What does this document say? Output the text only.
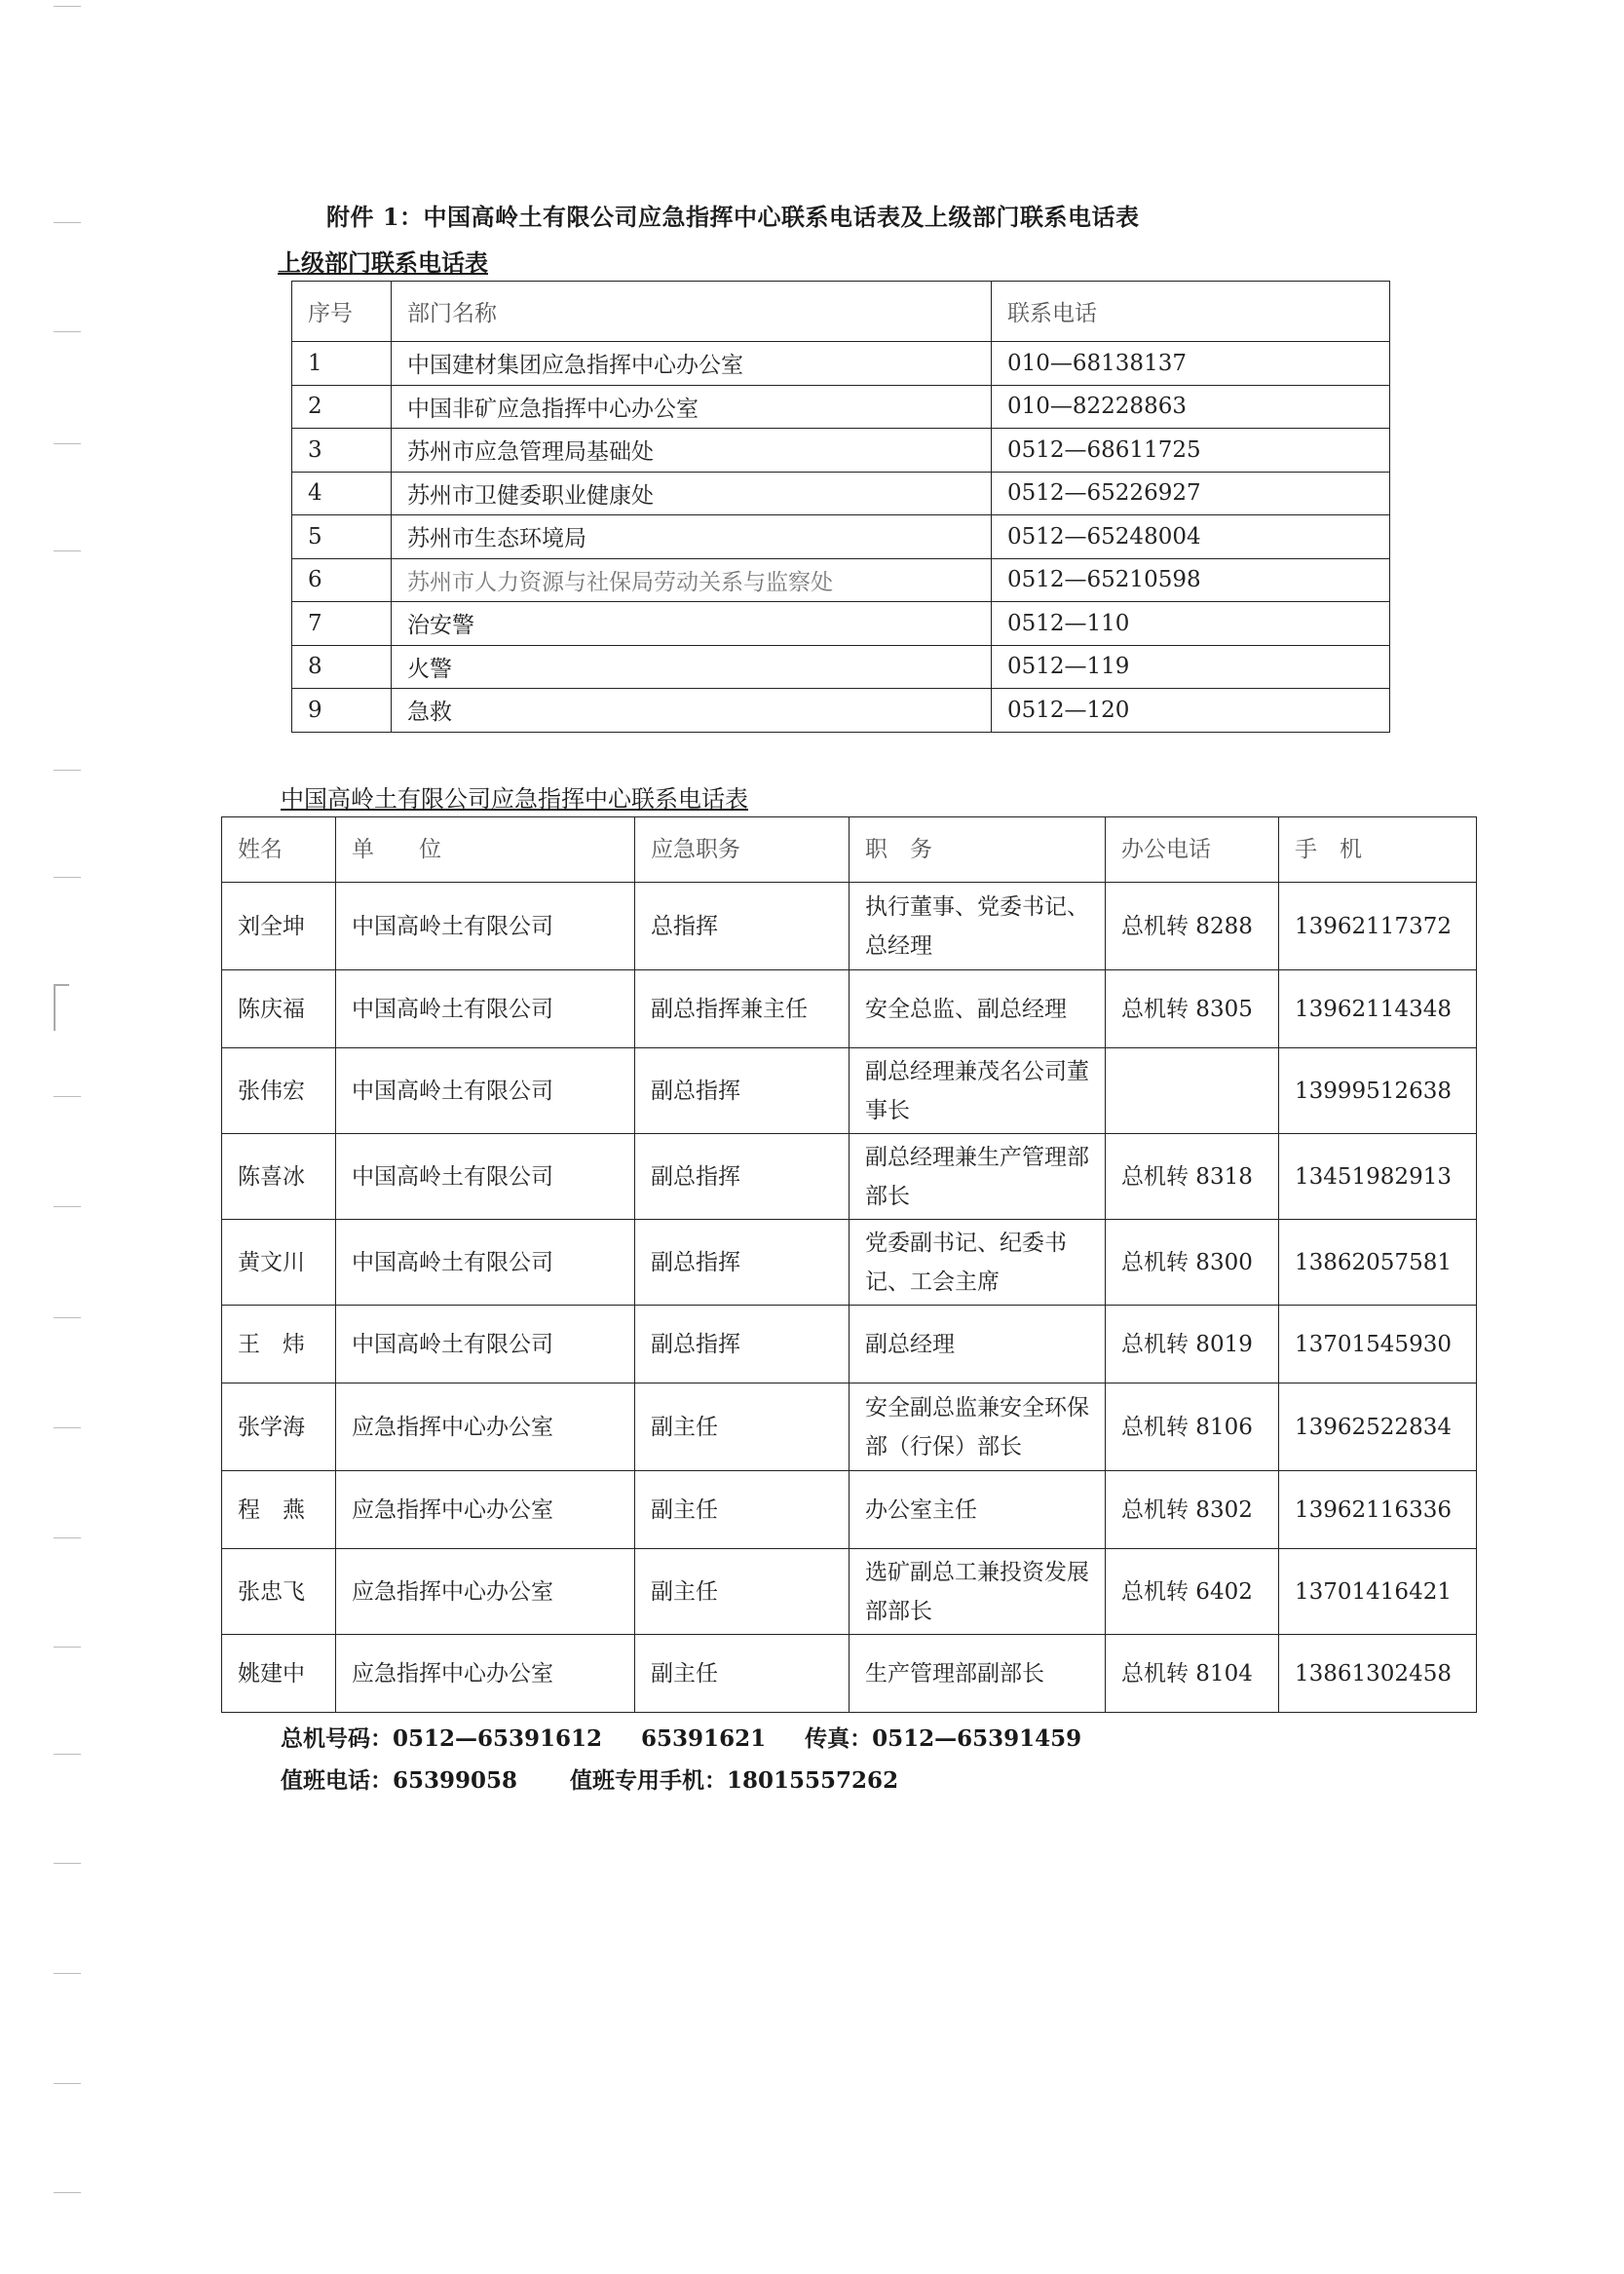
附件 1：中国高岭土有限公司应急指挥中心联系电话表及上级部门联系电话表
上级部门联系电话表
序号	部门名称	联系电话
1	中国建材集团应急指挥中心办公室	010—68138137
2	中国非矿应急指挥中心办公室	010—82228863
3	苏州市应急管理局基础处	0512—68611725
4	苏州市卫健委职业健康处	0512—65226927
5	苏州市生态环境局	0512—65248004
6	苏州市人力资源与社保局劳动关系与监察处	0512—65210598
7	治安警	0512—110
8	火警	0512—119
9	急救	0512—120
中国高岭土有限公司应急指挥中心联系电话表
姓名	单　　位	应急职务	职　务	办公电话	手　机
刘全坤	中国高岭土有限公司	总指挥	执行董事、党委书记、总经理	总机转 8288	13962117372
陈庆福	中国高岭土有限公司	副总指挥兼主任	安全总监、副总经理	总机转 8305	13962114348
张伟宏	中国高岭土有限公司	副总指挥	副总经理兼茂名公司董事长		13999512638
陈喜冰	中国高岭土有限公司	副总指挥	副总经理兼生产管理部部长	总机转 8318	13451982913
黄文川	中国高岭土有限公司	副总指挥	党委副书记、纪委书记、工会主席	总机转 8300	13862057581
王　炜	中国高岭土有限公司	副总指挥	副总经理	总机转 8019	13701545930
张学海	应急指挥中心办公室	副主任	安全副总监兼安全环保部（行保）部长	总机转 8106	13962522834
程　燕	应急指挥中心办公室	副主任	办公室主任	总机转 8302	13962116336
张忠飞	应急指挥中心办公室	副主任	选矿副总工兼投资发展部部长	总机转 6402	13701416421
姚建中	应急指挥中心办公室	副主任	生产管理部副部长	总机转 8104	13861302458
总机号码：0512—65391612 65391621 传真：0512—65391459
值班电话：65399058 值班专用手机：18015557262
